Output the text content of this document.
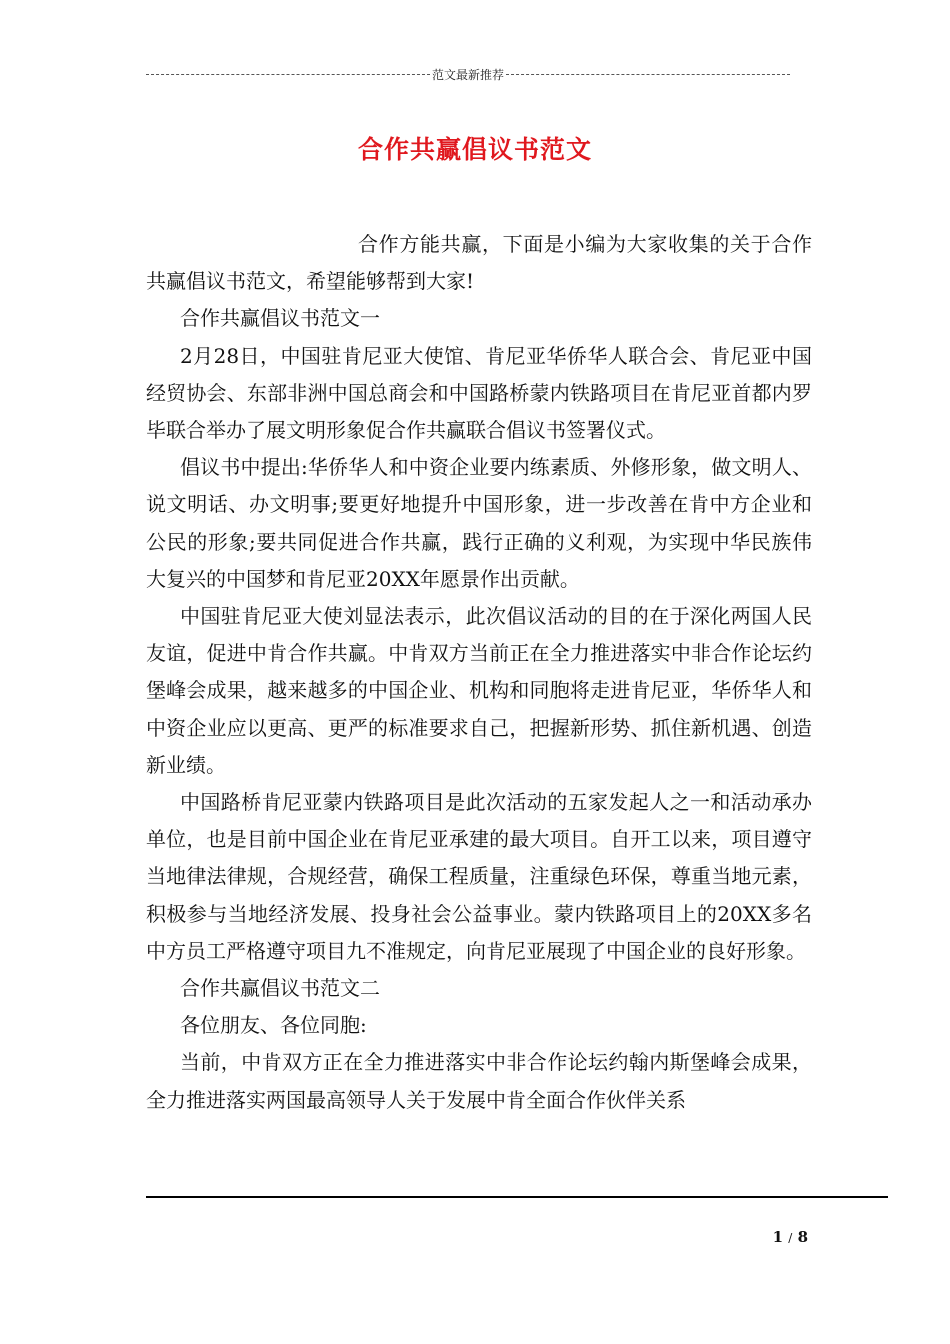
范文最新推荐
合作共赢倡议书范文

合作方能共赢，下面是小编为大家收集的关于合作共赢倡议书范文，希望能够帮到大家!

合作共赢倡议书范文一

2月28日，中国驻肯尼亚大使馆、肯尼亚华侨华人联合会、肯尼亚中国经贸协会、东部非洲中国总商会和中国路桥蒙内铁路项目在肯尼亚首都内罗毕联合举办了展文明形象促合作共赢联合倡议书签署仪式。

倡议书中提出:华侨华人和中资企业要内练素质、外修形象，做文明人、说文明话、办文明事;要更好地提升中国形象，进一步改善在肯中方企业和公民的形象;要共同促进合作共赢，践行正确的义利观，为实现中华民族伟大复兴的中国梦和肯尼亚20XX年愿景作出贡献。

中国驻肯尼亚大使刘显法表示，此次倡议活动的目的在于深化两国人民友谊，促进中肯合作共赢。中肯双方当前正在全力推进落实中非合作论坛约堡峰会成果，越来越多的中国企业、机构和同胞将走进肯尼亚，华侨华人和中资企业应以更高、更严的标准要求自己，把握新形势、抓住新机遇、创造新业绩。

中国路桥肯尼亚蒙内铁路项目是此次活动的五家发起人之一和活动承办单位，也是目前中国企业在肯尼亚承建的最大项目。自开工以来，项目遵守当地律法律规，合规经营，确保工程质量，注重绿色环保，尊重当地元素，积极参与当地经济发展、投身社会公益事业。蒙内铁路项目上的20XX多名中方员工严格遵守项目九不准规定，向肯尼亚展现了中国企业的良好形象。

合作共赢倡议书范文二

各位朋友、各位同胞:

当前，中肯双方正在全力推进落实中非合作论坛约翰内斯堡峰会成果，全力推进落实两国最高领导人关于发展中肯全面合作伙伴关系

1 / 8
